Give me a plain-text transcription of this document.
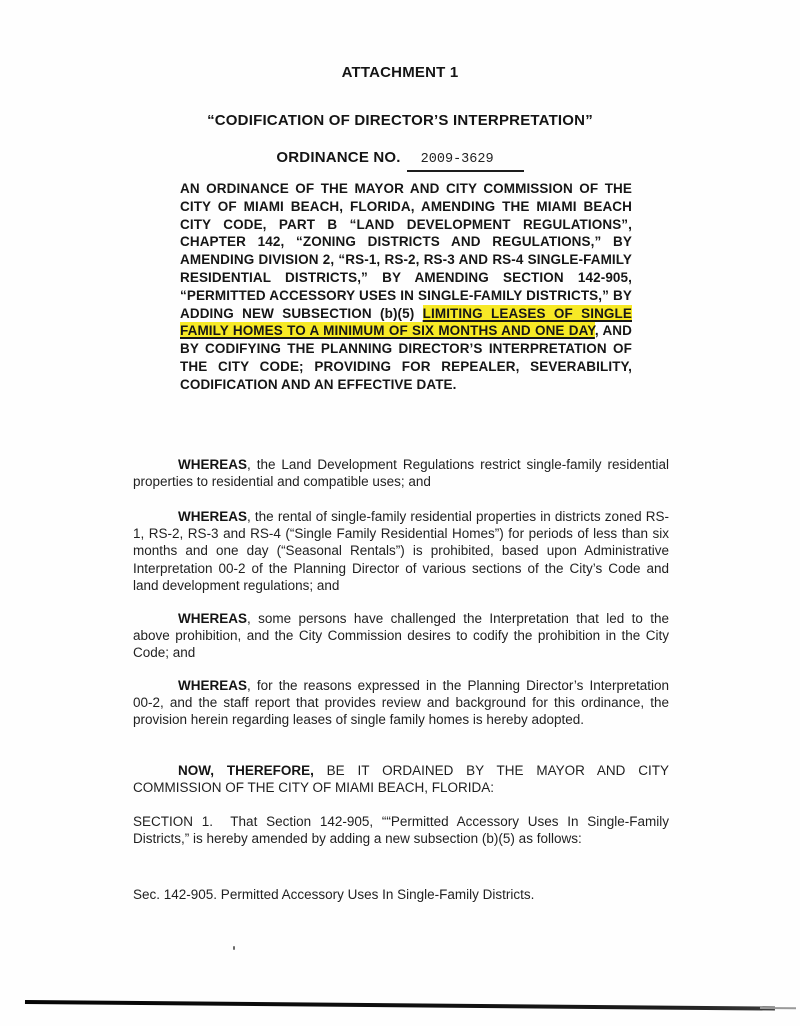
ATTACHMENT 1
“CODIFICATION OF DIRECTOR’S INTERPRETATION”
ORDINANCE NO. 2009-3629
AN ORDINANCE OF THE MAYOR AND CITY COMMISSION OF THE CITY OF MIAMI BEACH, FLORIDA, AMENDING THE MIAMI BEACH CITY CODE, PART B “LAND DEVELOPMENT REGULATIONS”, CHAPTER 142, “ZONING DISTRICTS AND REGULATIONS,” BY AMENDING DIVISION 2, “RS-1, RS-2, RS-3 AND RS-4 SINGLE-FAMILY RESIDENTIAL DISTRICTS,” BY AMENDING SECTION 142-905, “PERMITTED ACCESSORY USES IN SINGLE-FAMILY DISTRICTS,” BY ADDING NEW SUBSECTION (b)(5) LIMITING LEASES OF SINGLE FAMILY HOMES TO A MINIMUM OF SIX MONTHS AND ONE DAY, AND BY CODIFYING THE PLANNING DIRECTOR’S INTERPRETATION OF THE CITY CODE; PROVIDING FOR REPEALER, SEVERABILITY, CODIFICATION AND AN EFFECTIVE DATE.

WHEREAS, the Land Development Regulations restrict single-family residential properties to residential and compatible uses; and

WHEREAS, the rental of single-family residential properties in districts zoned RS-1, RS-2, RS-3 and RS-4 (“Single Family Residential Homes”) for periods of less than six months and one day (“Seasonal Rentals”) is prohibited, based upon Administrative Interpretation 00-2 of the Planning Director of various sections of the City’s Code and land development regulations; and

WHEREAS, some persons have challenged the Interpretation that led to the above prohibition, and the City Commission desires to codify the prohibition in the City Code; and

WHEREAS, for the reasons expressed in the Planning Director’s Interpretation 00-2, and the staff report that provides review and background for this ordinance, the provision herein regarding leases of single family homes is hereby adopted.

NOW, THEREFORE, BE IT ORDAINED BY THE MAYOR AND CITY COMMISSION OF THE CITY OF MIAMI BEACH, FLORIDA:

SECTION 1.  That Section 142-905, ““Permitted Accessory Uses In Single-Family Districts,” is hereby amended by adding a new subsection (b)(5) as follows:

Sec. 142-905. Permitted Accessory Uses In Single-Family Districts.
